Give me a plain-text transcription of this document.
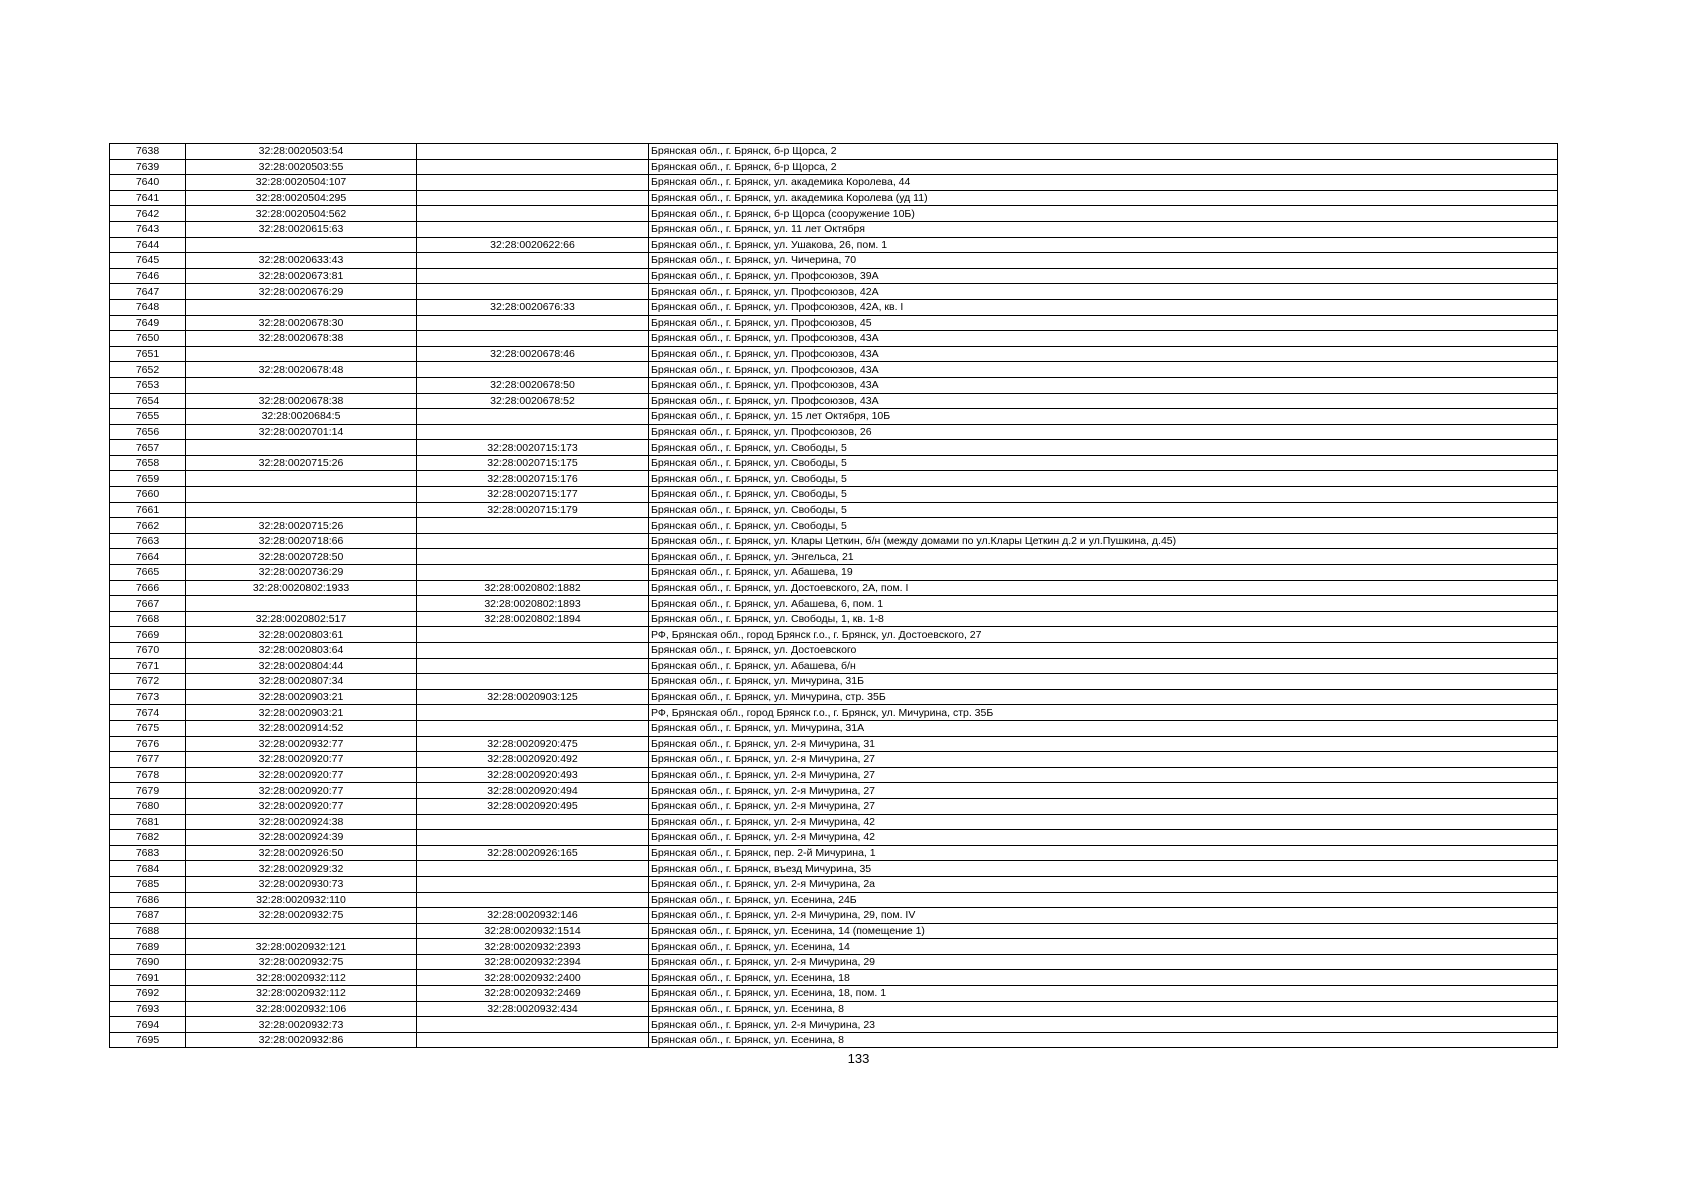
7638	32:28:0020503:54		Брянская обл., г. Брянск, б-р Щорса, 2
7639	32:28:0020503:55		Брянская обл., г. Брянск, б-р Щорса, 2
7640	32:28:0020504:107		Брянская обл., г. Брянск, ул. академика Королева, 44
7641	32:28:0020504:295		Брянская обл., г. Брянск, ул. академика Королева (уд 11)
7642	32:28:0020504:562		Брянская обл., г. Брянск, б-р Щорса (сооружение 10Б)
7643	32:28:0020615:63		Брянская обл., г. Брянск, ул. 11 лет Октября
7644		32:28:0020622:66	Брянская обл., г. Брянск, ул. Ушакова, 26, пом. 1
7645	32:28:0020633:43		Брянская обл., г. Брянск, ул. Чичерина, 70
7646	32:28:0020673:81		Брянская обл., г. Брянск, ул. Профсоюзов, 39А
7647	32:28:0020676:29		Брянская обл., г. Брянск, ул. Профсоюзов, 42А
7648		32:28:0020676:33	Брянская обл., г. Брянск, ул. Профсоюзов, 42А, кв. I
7649	32:28:0020678:30		Брянская обл., г. Брянск, ул. Профсоюзов, 45
7650	32:28:0020678:38		Брянская обл., г. Брянск, ул. Профсоюзов, 43А
7651		32:28:0020678:46	Брянская обл., г. Брянск, ул. Профсоюзов, 43А
7652	32:28:0020678:48		Брянская обл., г. Брянск, ул. Профсоюзов, 43А
7653		32:28:0020678:50	Брянская обл., г. Брянск, ул. Профсоюзов, 43А
7654	32:28:0020678:38	32:28:0020678:52	Брянская обл., г. Брянск, ул. Профсоюзов, 43А
7655	32:28:0020684:5		Брянская обл., г. Брянск, ул. 15 лет Октября, 10Б
7656	32:28:0020701:14		Брянская обл., г. Брянск, ул. Профсоюзов, 26
7657		32:28:0020715:173	Брянская обл., г. Брянск, ул. Свободы, 5
7658	32:28:0020715:26	32:28:0020715:175	Брянская обл., г. Брянск, ул. Свободы, 5
7659		32:28:0020715:176	Брянская обл., г. Брянск, ул. Свободы, 5
7660		32:28:0020715:177	Брянская обл., г. Брянск, ул. Свободы, 5
7661		32:28:0020715:179	Брянская обл., г. Брянск, ул. Свободы, 5
7662	32:28:0020715:26		Брянская обл., г. Брянск, ул. Свободы, 5
7663	32:28:0020718:66		Брянская обл., г. Брянск, ул. Клары Цеткин, б/н (между домами по ул.Клары Цеткин д.2 и ул.Пушкина, д.45)
7664	32:28:0020728:50		Брянская обл., г. Брянск, ул. Энгельса, 21
7665	32:28:0020736:29		Брянская обл., г. Брянск, ул. Абашева, 19
7666	32:28:0020802:1933	32:28:0020802:1882	Брянская обл., г. Брянск, ул. Достоевского, 2А, пом. I
7667		32:28:0020802:1893	Брянская обл., г. Брянск, ул. Абашева, 6, пом. 1
7668	32:28:0020802:517	32:28:0020802:1894	Брянская обл., г. Брянск, ул. Свободы, 1, кв. 1-8
7669	32:28:0020803:61		РФ, Брянская обл., город Брянск г.о., г. Брянск, ул. Достоевского, 27
7670	32:28:0020803:64		Брянская обл., г. Брянск, ул. Достоевского
7671	32:28:0020804:44		Брянская обл., г. Брянск, ул. Абашева, б/н
7672	32:28:0020807:34		Брянская обл., г. Брянск, ул. Мичурина, 31Б
7673	32:28:0020903:21	32:28:0020903:125	Брянская обл., г. Брянск, ул. Мичурина, стр. 35Б
7674	32:28:0020903:21		РФ, Брянская обл., город Брянск г.о., г. Брянск, ул. Мичурина, стр. 35Б
7675	32:28:0020914:52		Брянская обл., г. Брянск, ул. Мичурина, 31А
7676	32:28:0020932:77	32:28:0020920:475	Брянская обл., г. Брянск, ул. 2-я Мичурина, 31
7677	32:28:0020920:77	32:28:0020920:492	Брянская обл., г. Брянск, ул. 2-я Мичурина, 27
7678	32:28:0020920:77	32:28:0020920:493	Брянская обл., г. Брянск, ул. 2-я Мичурина, 27
7679	32:28:0020920:77	32:28:0020920:494	Брянская обл., г. Брянск, ул. 2-я Мичурина, 27
7680	32:28:0020920:77	32:28:0020920:495	Брянская обл., г. Брянск, ул. 2-я Мичурина, 27
7681	32:28:0020924:38		Брянская обл., г. Брянск, ул. 2-я Мичурина, 42
7682	32:28:0020924:39		Брянская обл., г. Брянск, ул. 2-я Мичурина, 42
7683	32:28:0020926:50	32:28:0020926:165	Брянская обл., г. Брянск, пер. 2-й Мичурина, 1
7684	32:28:0020929:32		Брянская обл., г. Брянск, въезд Мичурина, 35
7685	32:28:0020930:73		Брянская обл., г. Брянск, ул. 2-я Мичурина, 2а
7686	32:28:0020932:110		Брянская обл., г. Брянск, ул. Есенина, 24Б
7687	32:28:0020932:75	32:28:0020932:146	Брянская обл., г. Брянск, ул. 2-я Мичурина, 29, пом. IV
7688		32:28:0020932:1514	Брянская обл., г. Брянск, ул. Есенина, 14 (помещение 1)
7689	32:28:0020932:121	32:28:0020932:2393	Брянская обл., г. Брянск, ул. Есенина, 14
7690	32:28:0020932:75	32:28:0020932:2394	Брянская обл., г. Брянск, ул. 2-я Мичурина, 29
7691	32:28:0020932:112	32:28:0020932:2400	Брянская обл., г. Брянск, ул. Есенина, 18
7692	32:28:0020932:112	32:28:0020932:2469	Брянская обл., г. Брянск, ул. Есенина, 18, пом. 1
7693	32:28:0020932:106	32:28:0020932:434	Брянская обл., г. Брянск, ул. Есенина, 8
7694	32:28:0020932:73		Брянская обл., г. Брянск, ул. 2-я Мичурина, 23
7695	32:28:0020932:86		Брянская обл., г. Брянск, ул. Есенина, 8
133
